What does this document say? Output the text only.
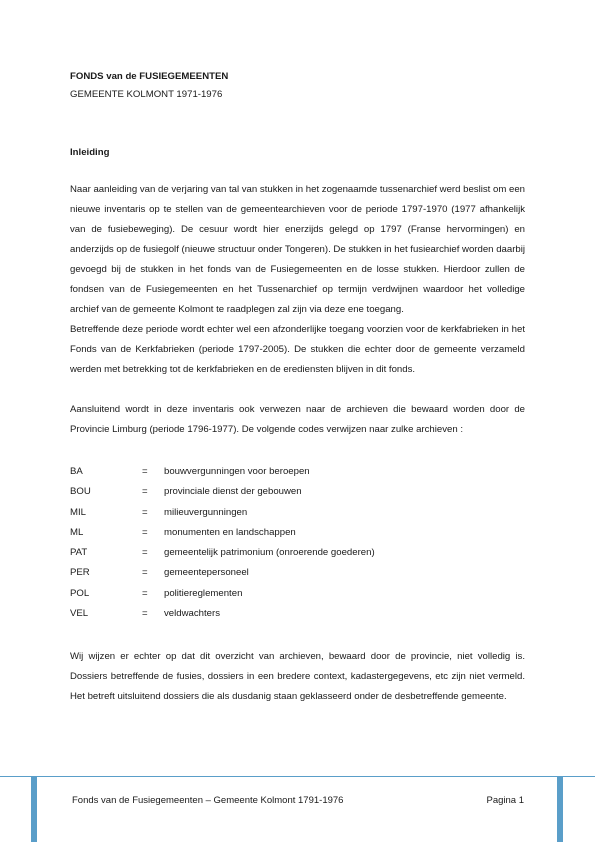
FONDS van de FUSIEGEMEENTEN

GEMEENTE KOLMONT 1971-1976

Inleiding

Naar aanleiding van de verjaring van tal van stukken in het zogenaamde tussenarchief werd beslist om een nieuwe inventaris op te stellen van de gemeentearchieven voor de periode 1797-1970 (1977 afhankelijk van de fusiebeweging). De cesuur wordt hier enerzijds gelegd op 1797 (Franse hervormingen) en anderzijds op de fusiegolf (nieuwe structuur onder Tongeren). De stukken in het fusiearchief worden daarbij gevoegd bij de stukken in het fonds van de Fusiegemeenten en de losse stukken. Hierdoor zullen de fondsen van de Fusiegemeenten en het Tussenarchief op termijn verdwijnen waardoor het volledige archief van de gemeente Kolmont te raadplegen zal zijn via deze ene toegang.

Betreffende deze periode wordt echter wel een afzonderlijke toegang voorzien voor de kerkfabrieken in het Fonds van de Kerkfabrieken (periode 1797-2005). De stukken die echter door de gemeente verzameld werden met betrekking tot de kerkfabrieken en de erediensten blijven in dit fonds.

Aansluitend wordt in deze inventaris ook verwezen naar de archieven die bewaard worden door de Provincie Limburg (periode 1796-1977). De volgende codes verwijzen naar zulke archieven :

BA	=	bouwvergunningen voor beroepen
BOU	=	provinciale dienst der gebouwen
MIL	=	milieuvergunningen
ML	=	monumenten en landschappen
PAT	=	gemeentelijk patrimonium (onroerende goederen)
PER	=	gemeentepersoneel
POL	=	politiereglementen
VEL	=	veldwachters

Wij wijzen er echter op dat dit overzicht van archieven, bewaard door de provincie, niet volledig is. Dossiers betreffende de fusies, dossiers in een bredere context, kadastergegevens, etc zijn niet vermeld. Het betreft uitsluitend dossiers die als dusdanig staan geklasseerd onder de desbetreffende gemeente.

Fonds van de Fusiegemeenten – Gemeente Kolmont 1791-1976	Pagina 1
